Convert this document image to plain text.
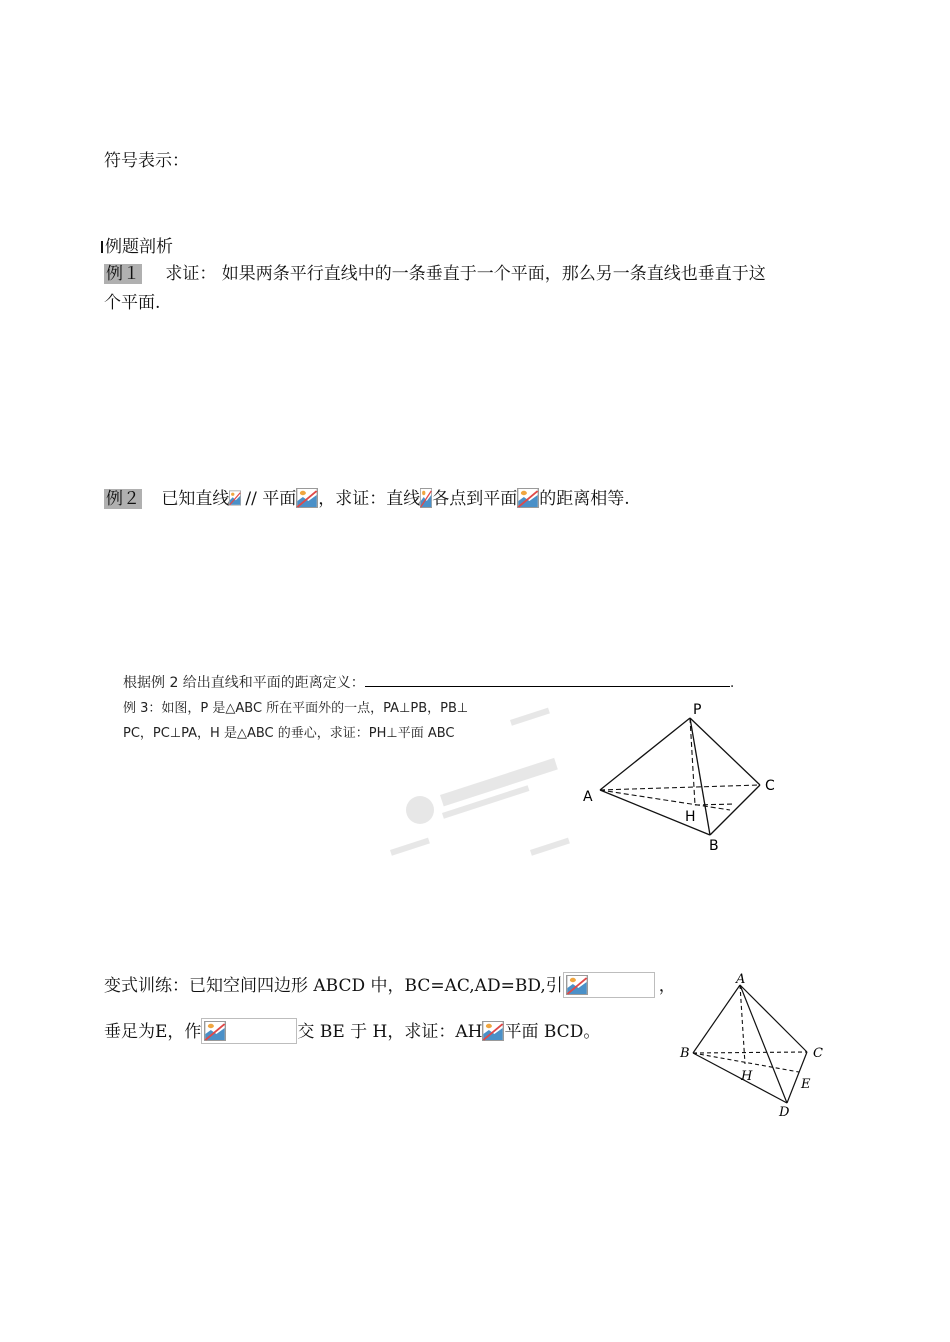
符号表示：
例题剖析
例１ 求证： 如果两条平行直线中的一条垂直于一个平面，那么另一条直线也垂直于这
个平面.
例２ 已知直线 // 平面 ，求证：直线 各点到平面 的距离相等.
根据例 2 给出直线和平面的距离定义：	.
例 3：如图，P 是△ABC 所在平面外的一点，PA⊥PB，PB⊥
PC，PC⊥PA，H 是△ABC 的垂心，求证：PH⊥平面 ABC
P
A
B
C
H
变式训练：已知空间四边形 ABCD 中，BC=AC,AD=BD,引	，
垂足为E，作	交 BE 于 H，求证：AH 平面 BCD。
A
B	C
D
E
H
